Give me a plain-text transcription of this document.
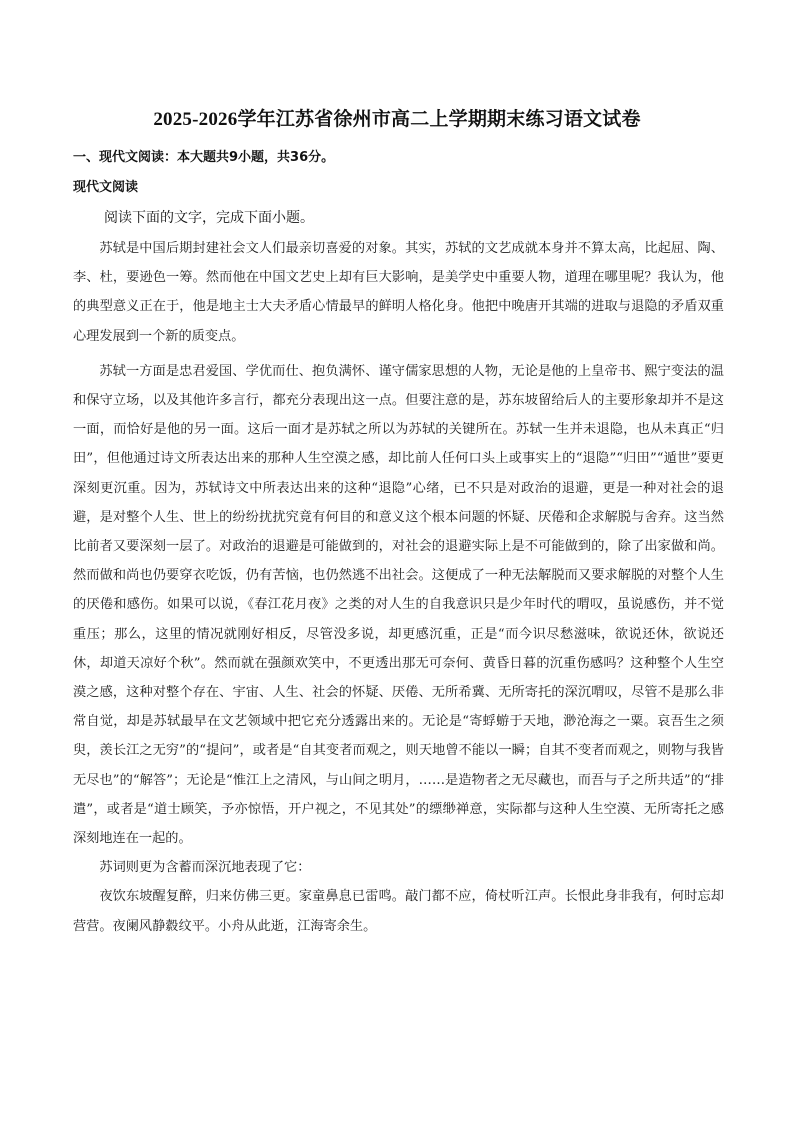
2025-2026学年江苏省徐州市高二上学期期末练习语文试卷
一、现代文阅读：本大题共9小题，共36分。
现代文阅读
阅读下面的文字，完成下面小题。

苏轼是中国后期封建社会文人们最亲切喜爱的对象。其实，苏轼的文艺成就本身并不算太高，比起屈、陶、李、杜，要逊色一筹。然而他在中国文艺史上却有巨大影响，是美学史中重要人物，道理在哪里呢？我认为，他的典型意义正在于，他是地主士大夫矛盾心情最早的鲜明人格化身。他把中晚唐开其端的进取与退隐的矛盾双重心理发展到一个新的质变点。

苏轼一方面是忠君爱国、学优而仕、抱负满怀、谨守儒家思想的人物，无论是他的上皇帝书、熙宁变法的温和保守立场，以及其他许多言行，都充分表现出这一点。但要注意的是，苏东坡留给后人的主要形象却并不是这一面，而恰好是他的另一面。这后一面才是苏轼之所以为苏轼的关键所在。苏轼一生并未退隐，也从未真正“归田”，但他通过诗文所表达出来的那种人生空漠之感，却比前人任何口头上或事实上的“退隐”“归田”“遁世”要更深刻更沉重。因为，苏轼诗文中所表达出来的这种“退隐”心绪，已不只是对政治的退避，更是一种对社会的退避，是对整个人生、世上的纷纷扰扰究竟有何目的和意义这个根本问题的怀疑、厌倦和企求解脱与舍弃。这当然比前者又要深刻一层了。对政治的退避是可能做到的，对社会的退避实际上是不可能做到的，除了出家做和尚。然而做和尚也仍要穿衣吃饭，仍有苦恼，也仍然逃不出社会。这便成了一种无法解脱而又要求解脱的对整个人生的厌倦和感伤。如果可以说，《春江花月夜》之类的对人生的自我意识只是少年时代的喟叹，虽说感伤，并不觉重压；那么，这里的情况就刚好相反，尽管没多说，却更感沉重，正是“而今识尽愁滋味，欲说还休，欲说还休，却道天凉好个秋”。然而就在强颜欢笑中，不更透出那无可奈何、黄昏日暮的沉重伤感吗？这种整个人生空漠之感，这种对整个存在、宇宙、人生、社会的怀疑、厌倦、无所希冀、无所寄托的深沉喟叹，尽管不是那么非常自觉，却是苏轼最早在文艺领域中把它充分透露出来的。无论是“寄蜉蝣于天地，渺沧海之一粟。哀吾生之须臾，羡长江之无穷”的“提问”，或者是“自其变者而观之，则天地曾不能以一瞬；自其不变者而观之，则物与我皆无尽也”的“解答”；无论是“惟江上之清风，与山间之明月，……是造物者之无尽藏也，而吾与子之所共适”的“排遣”，或者是“道士顾笑，予亦惊悟，开户视之，不见其处”的缥缈禅意，实际都与这种人生空漠、无所寄托之感深刻地连在一起的。

苏词则更为含蓄而深沉地表现了它：

夜饮东坡醒复醉，归来仿佛三更。家童鼻息已雷鸣。敲门都不应，倚杖听江声。长恨此身非我有，何时忘却营营。夜阑风静縠纹平。小舟从此逝，江海寄余生。
